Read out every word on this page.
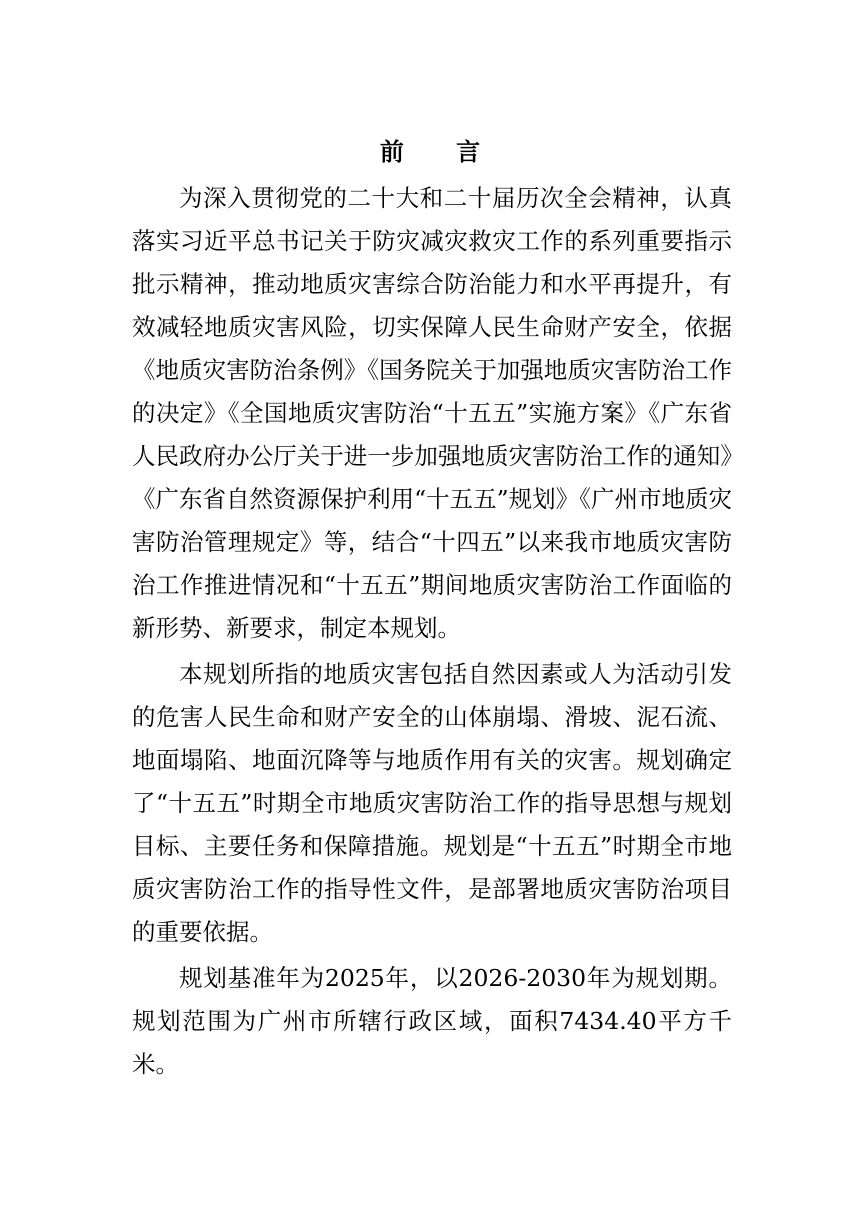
前 言

为深入贯彻党的二十大和二十届历次全会精神，认真落实习近平总书记关于防灾减灾救灾工作的系列重要指示批示精神，推动地质灾害综合防治能力和水平再提升，有效减轻地质灾害风险，切实保障人民生命财产安全，依据《地质灾害防治条例》《国务院关于加强地质灾害防治工作的决定》《全国地质灾害防治“十五五”实施方案》《广东省人民政府办公厅关于进一步加强地质灾害防治工作的通知》《广东省自然资源保护利用“十五五”规划》《广州市地质灾害防治管理规定》等，结合“十四五”以来我市地质灾害防治工作推进情况和“十五五”期间地质灾害防治工作面临的新形势、新要求，制定本规划。

本规划所指的地质灾害包括自然因素或人为活动引发的危害人民生命和财产安全的山体崩塌、滑坡、泥石流、地面塌陷、地面沉降等与地质作用有关的灾害。规划确定了“十五五”时期全市地质灾害防治工作的指导思想与规划目标、主要任务和保障措施。规划是“十五五”时期全市地质灾害防治工作的指导性文件，是部署地质灾害防治项目的重要依据。

规划基准年为2025年，以2026-2030年为规划期。规划范围为广州市所辖行政区域，面积7434.40平方千米。
